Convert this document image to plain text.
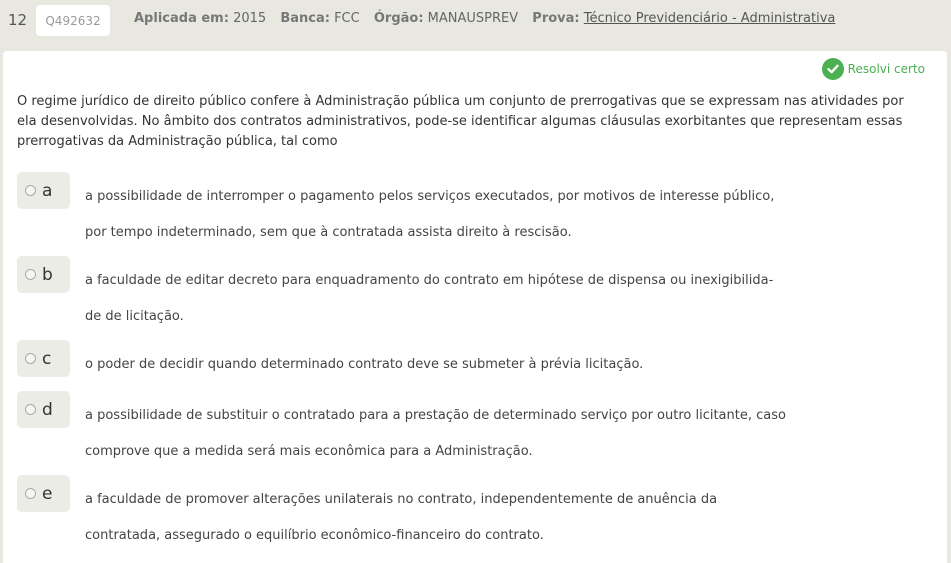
12	Q492632	Aplicada em: 2015 Banca: FCC Órgão: MANAUSPREV Prova: Técnico Previdenciário - Administrativa
Resolvi certo

O regime jurídico de direito público confere à Administração pública um conjunto de prerrogativas que se expressam nas atividades por ela desenvolvidas. No âmbito dos contratos administrativos, pode-se identificar algumas cláusulas exorbitantes que representam essas prerrogativas da Administração pública, tal como

a	a possibilidade de interromper o pagamento pelos serviços executados, por motivos de interesse público,
por tempo indeterminado, sem que à contratada assista direito à rescisão.
b a faculdade de editar decreto para enquadramento do contrato em hipótese de dispensa ou inexigibilida-
de de licitação.
c	o poder de decidir quando determinado contrato deve se submeter à prévia licitação.
d a possibilidade de substituir o contratado para a prestação de determinado serviço por outro licitante, caso
comprove que a medida será mais econômica para a Administração.
e	a faculdade de promover alterações unilaterais no contrato, independentemente de anuência da
contratada, assegurado o equilíbrio econômico-financeiro do contrato.
